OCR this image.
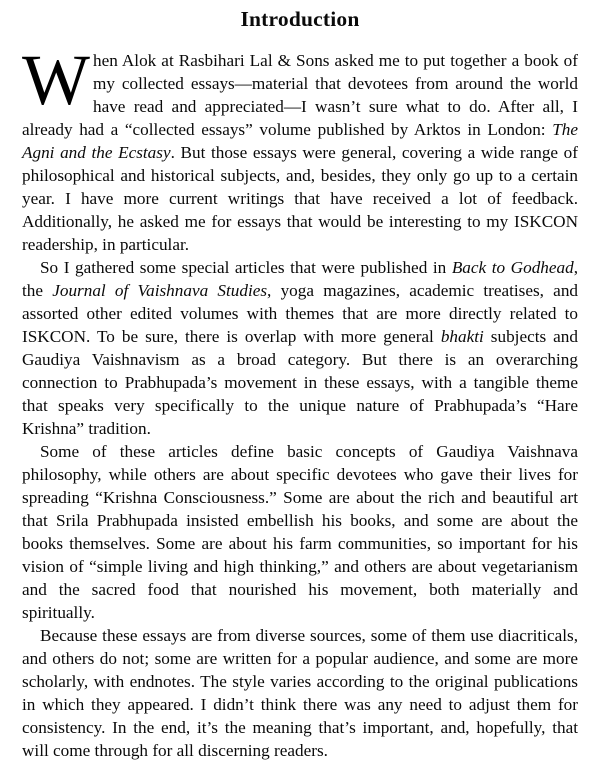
Introduction

When Alok at Rasbihari Lal & Sons asked me to put together a book of my collected essays—material that devotees from around the world have read and appreciated—I wasn’t sure what to do. After all, I already had a “collected essays” volume published by Arktos in London: The Agni and the Ecstasy. But those essays were general, covering a wide range of philosophical and historical subjects, and, besides, they only go up to a certain year. I have more current writings that have received a lot of feedback. Additionally, he asked me for essays that would be interesting to my ISKCON readership, in particular.

So I gathered some special articles that were published in Back to Godhead, the Journal of Vaishnava Studies, yoga magazines, academic treatises, and assorted other edited volumes with themes that are more directly related to ISKCON. To be sure, there is overlap with more general bhakti subjects and Gaudiya Vaishnavism as a broad category. But there is an overarching connection to Prabhupada’s movement in these essays, with a tangible theme that speaks very specifically to the unique nature of Prabhupada’s “Hare Krishna” tradition.

Some of these articles define basic concepts of Gaudiya Vaishnava philosophy, while others are about specific devotees who gave their lives for spreading “Krishna Consciousness.” Some are about the rich and beautiful art that Srila Prabhupada insisted embellish his books, and some are about the books themselves. Some are about his farm communities, so important for his vision of “simple living and high thinking,” and others are about vegetarianism and the sacred food that nourished his movement, both materially and spiritually.

Because these essays are from diverse sources, some of them use diacriticals, and others do not; some are written for a popular audience, and some are more scholarly, with endnotes. The style varies according to the original publications in which they appeared. I didn’t think there was any need to adjust them for consistency. In the end, it’s the meaning that’s important, and, hopefully, that will come through for all discerning readers.
